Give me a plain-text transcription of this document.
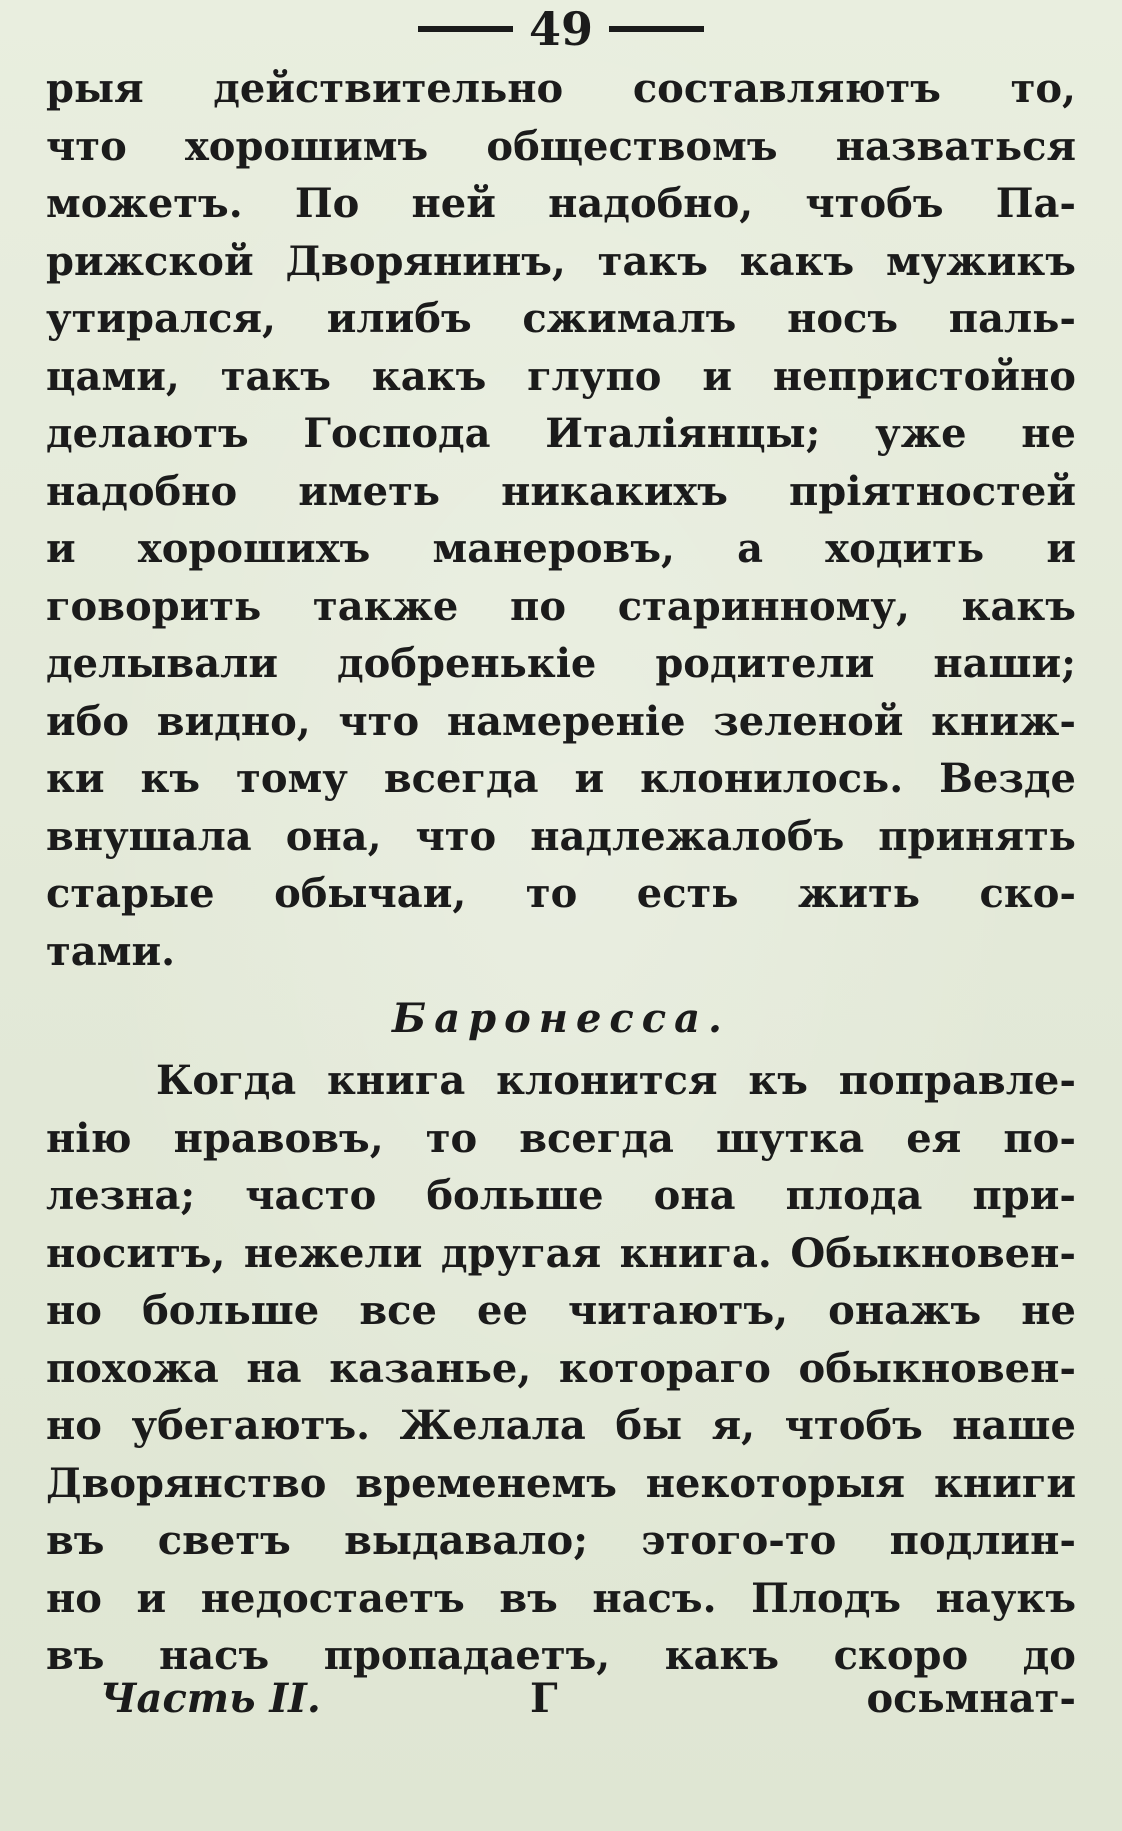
49
рыя действительно составляютъ то,
что хорошимъ обществомъ назваться
можетъ. По ней надобно, чтобъ Па-
рижской Дворянинъ, такъ какъ мужикъ
утирался, илибъ сжималъ носъ паль-
цами, такъ какъ глупо и непристойно
делаютъ Господа Италіянцы; уже не
надобно иметь никакихъ пріятностей
и хорошихъ манеровъ, а ходить и
говорить также по старинному, какъ
делывали добренькіе родители наши;
ибо видно, что намереніе зеленой книж-
ки къ тому всегда и клонилось. Везде
внушала она, что надлежалобъ принять
старые обычаи, то есть жить ско-
тами.
Баронесса.
Когда книга клонится къ поправле-
нію нравовъ, то всегда шутка ея по-
лезна; часто больше она плода при-
носитъ, нежели другая книга. Обыкновен-
но больше все ее читаютъ, онажъ не
похожа на казанье, котораго обыкновен-
но убегаютъ. Желала бы я, чтобъ наше
Дворянство временемъ некоторыя книги
въ светъ выдавало; этого-то подлин-
но и недостаетъ въ насъ. Плодъ наукъ
въ насъ пропадаетъ, какъ скоро до
Часть II.	Г	осьмнат-
